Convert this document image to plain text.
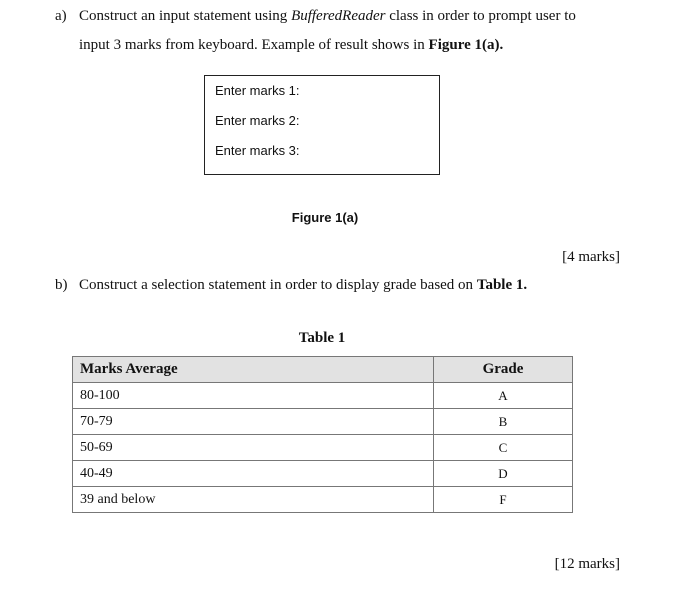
a) Construct an input statement using BufferedReader class in order to prompt user to
input 3 marks from keyboard. Example of result shows in Figure 1(a).
Enter marks 1:
Enter marks 2:
Enter marks 3:
Figure 1(a)
[4 marks]
b) Construct a selection statement in order to display grade based on Table 1.
Table 1
Marks Average	Grade
80-100	A
70-79	B
50-69	C
40-49	D
39 and below	F
[12 marks]
